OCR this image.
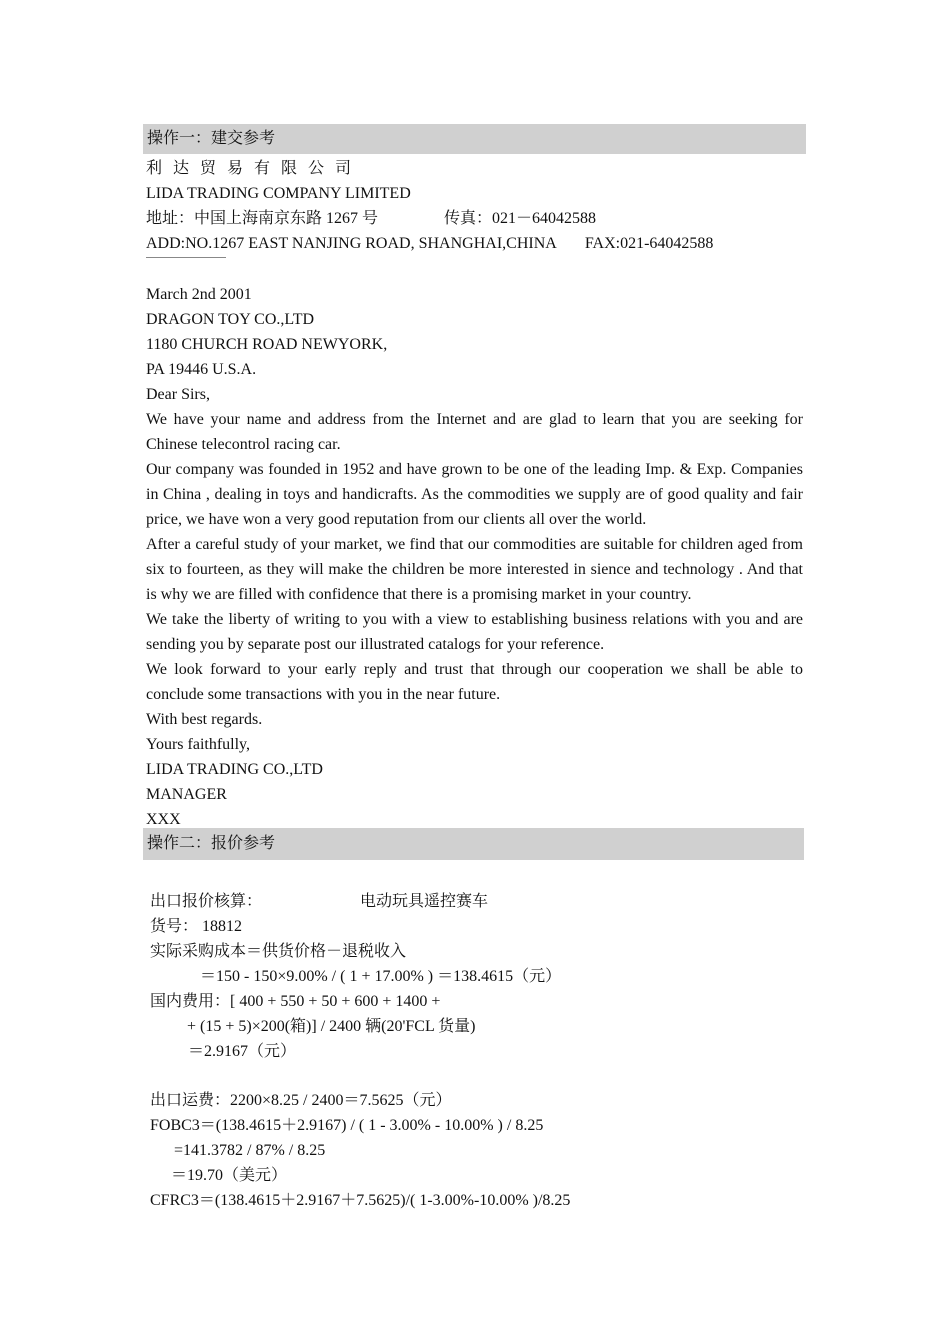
操作一：建交参考
利达贸易有限公司
LIDA TRADING COMPANY LIMITED
地址：中国上海南京东路 1267 号	传真：021－64042588
ADD:NO.1267 EAST NANJING ROAD, SHANGHAI,CHINA FAX:021-64042588
March 2nd 2001
DRAGON TOY CO.,LTD
1180 CHURCH ROAD NEWYORK,
PA 19446 U.S.A.
Dear Sirs,
We have your name and address from the Internet and are glad to learn that you are seeking for Chinese telecontrol racing car.
Our company was founded in 1952 and have grown to be one of the leading Imp. & Exp. Companies in China , dealing in toys and handicrafts. As the commodities we supply are of good quality and fair price, we have won a very good reputation from our clients all over the world.
After a careful study of your market, we find that our commodities are suitable for children aged from six to fourteen, as they will make the children be more interested in sience and technology . And that is why we are filled with confidence that there is a promising market in your country.
We take the liberty of writing to you with a view to establishing business relations with you and are sending you by separate post our illustrated catalogs for your reference.
We look forward to your early reply and trust that through our cooperation we shall be able to conclude some transactions with you in the near future.
With best regards.
Yours faithfully,
LIDA TRADING CO.,LTD
MANAGER
XXX
操作二：报价参考
出口报价核算：	电动玩具遥控赛车
货号： 18812
实际采购成本＝供货价格－退税收入
＝150 - 150×9.00% / ( 1 + 17.00% ) ＝138.4615（元）
国内费用：[ 400 + 550 + 50 + 600 + 1400 +
+ (15 + 5)×200(箱)] / 2400 辆(20'FCL 货量)
＝2.9167（元）
出口运费：2200×8.25 / 2400＝7.5625（元）
FOBC3＝(138.4615＋2.9167) / ( 1 - 3.00% - 10.00% ) / 8.25
=141.3782 / 87% / 8.25
＝19.70（美元）
CFRC3＝(138.4615＋2.9167＋7.5625)/( 1-3.00%-10.00% )/8.25
